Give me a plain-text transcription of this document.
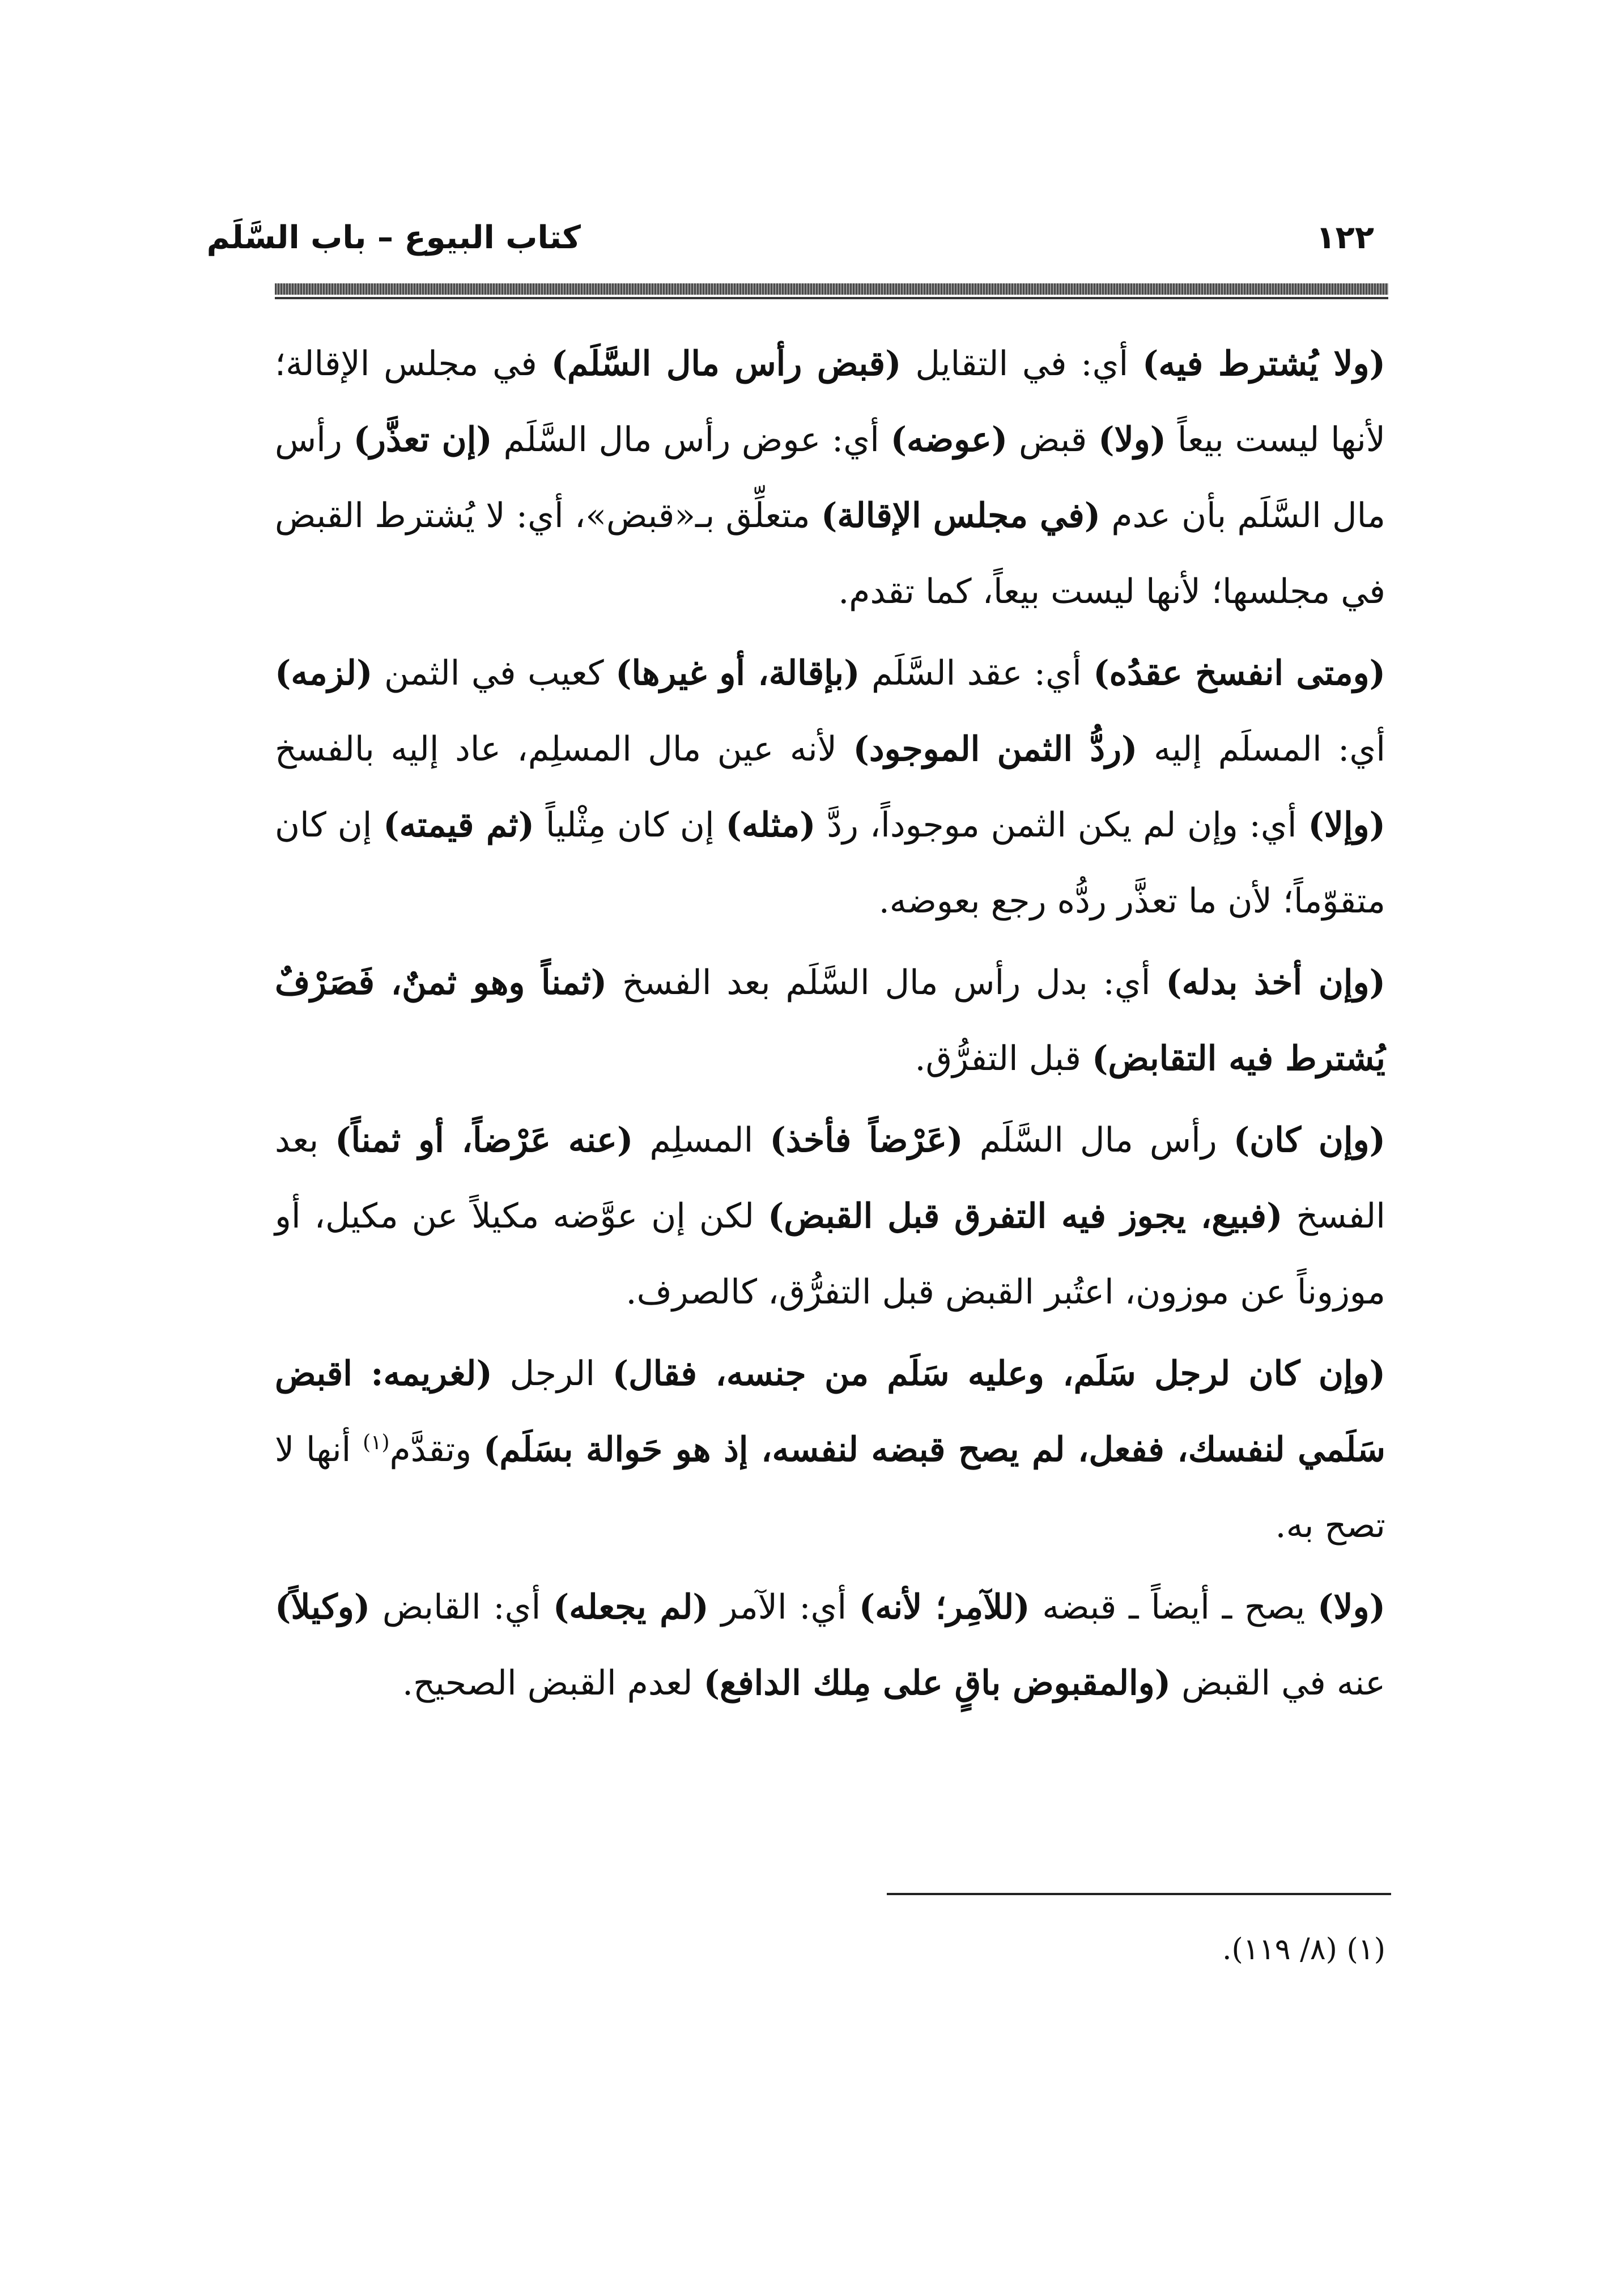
كتاب البيوع – باب السَّلَم	١٢٢

(ولا يُشترط فيه) أي: في التقايل (قبض رأس مال السَّلَم) في مجلس الإقالة؛ لأنها ليست بيعاً (ولا) قبض (عوضه) أي: عوض رأس مال السَّلَم (إن تعذَّر) رأس مال السَّلَم بأن عدم (في مجلس الإقالة) متعلِّق بـ«قبض»، أي: لا يُشترط القبض في مجلسها؛ لأنها ليست بيعاً، كما تقدم.

(ومتى انفسخ عقدُه) أي: عقد السَّلَم (بإقالة، أو غيرها) كعيب في الثمن (لزمه) أي: المسلَم إليه (ردُّ الثمن الموجود) لأنه عين مال المسلِم، عاد إليه بالفسخ (وإلا) أي: وإن لم يكن الثمن موجوداً، ردَّ (مثله) إن كان مِثْلياً (ثم قيمته) إن كان متقوّماً؛ لأن ما تعذَّر ردُّه رجع بعوضه.

(وإن أخذ بدله) أي: بدل رأس مال السَّلَم بعد الفسخ (ثمناً وهو ثمنٌ، فَصَرْفٌ يُشترط فيه التقابض) قبل التفرُّق.

(وإن كان) رأس مال السَّلَم (عَرْضاً فأخذ) المسلِم (عنه عَرْضاً، أو ثمناً) بعد الفسخ (فبيع، يجوز فيه التفرق قبل القبض) لكن إن عوَّضه مكيلاً عن مكيل، أو موزوناً عن موزون، اعتُبر القبض قبل التفرُّق، كالصرف.

(وإن كان لرجل سَلَم، وعليه سَلَم من جنسه، فقال) الرجل (لغريمه: اقبض سَلَمي لنفسك، ففعل، لم يصح قبضه لنفسه، إذ هو حَوالة بسَلَم) وتقدَّم$^{(١)}$ أنها لا تصح به.

(ولا) يصح ـ أيضاً ـ قبضه (للآمِر؛ لأنه) أي: الآمر (لم يجعله) أي: القابض (وكيلاً) عنه في القبض (والمقبوض باقٍ على مِلك الدافع) لعدم القبض الصحيح.

(١) (٨/ ١١٩).
